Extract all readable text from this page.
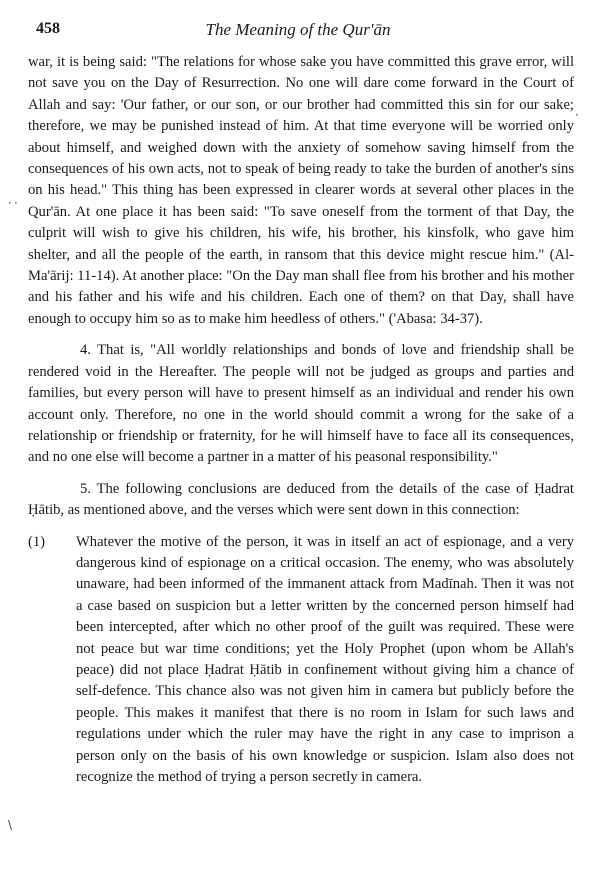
458	The Meaning of the Qur'ān

war, it is being said: "The relations for whose sake you have committed this grave error, will not save you on the Day of Resurrection. No one will dare come forward in the Court of Allah and say: 'Our father, or our son, or our brother had committed this sin for our sake; therefore, we may be punished instead of him. At that time everyone will be worried only about himself, and weighed down with the anxiety of somehow saving himself from the consequences of his own acts, not to speak of being ready to take the burden of another's sins on his head." This thing has been expressed in clearer words at several other places in the Qur'ān. At one place it has been said: "To save oneself from the torment of that Day, the culprit will wish to give his children, his wife, his brother, his kinsfolk, who gave him shelter, and all the people of the earth, in ransom that this device might rescue him." (Al-Ma'ārij: 11-14). At another place: "On the Day man shall flee from his brother and his mother and his father and his wife and his children. Each one of them? on that Day, shall have enough to occupy him so as to make him heedless of others." ('Abasa: 34-37).

4. That is, "All worldly relationships and bonds of love and friendship shall be rendered void in the Hereafter. The people will not be judged as groups and parties and families, but every person will have to present himself as an individual and render his own account only. Therefore, no one in the world should commit a wrong for the sake of a relationship or friendship or fraternity, for he will himself have to face all its consequences, and no one else will become a partner in a matter of his peasonal responsibility."

5. The following conclusions are deduced from the details of the case of Ḥadrat Ḥātib, as mentioned above, and the verses which were sent down in this connection:

(1) Whatever the motive of the person, it was in itself an act of espionage, and a very dangerous kind of espionage on a critical occasion. The enemy, who was absolutely unaware, had been informed of the immanent attack from Madīnah. Then it was not a case based on suspicion but a letter written by the concerned person himself had been intercepted, after which no other proof of the guilt was required. These were not peace but war time conditions; yet the Holy Prophet (upon whom be Allah's peace) did not place Ḥadrat Ḥātib in confinement without giving him a chance of self-defence. This chance also was not given him in camera but publicly before the people. This makes it manifest that there is no room in Islam for such laws and regulations under which the ruler may have the right in any case to imprison a person only on the basis of his own knowledge or suspicion. Islam also does not recognize the method of trying a person secretly in camera.

·
· ·
\
